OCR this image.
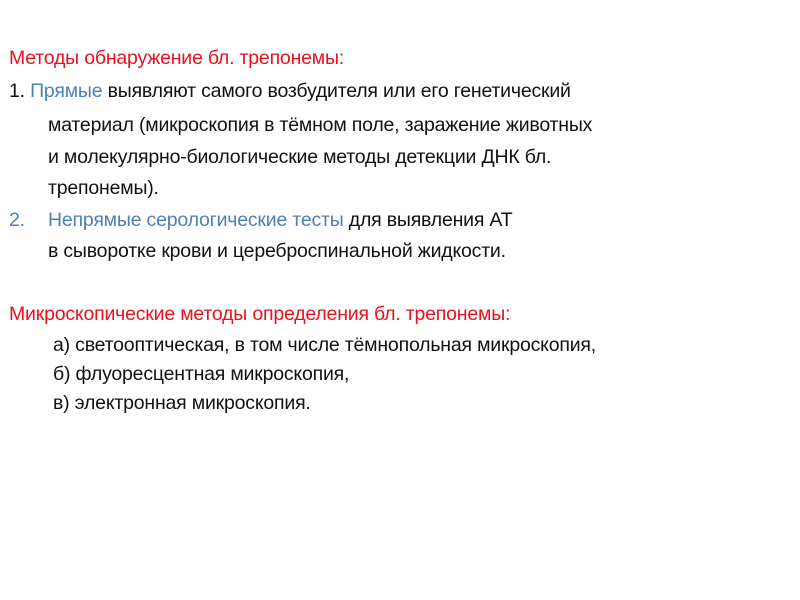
Методы обнаружение бл. трепонемы:
1. Прямые выявляют самого возбудителя или его генетический
материал (микроскопия в тёмном поле, заражение животных
и молекулярно-биологические методы детекции ДНК бл.
трепонемы).
2. Непрямые серологические тесты для выявления АТ
в сыворотке крови и цереброспинальной жидкости.
Микроскопические методы определения бл. трепонемы:
а) светооптическая, в том числе тёмнопольная микроскопия,
б) флуоресцентная микроскопия,
в) электронная микроскопия.
